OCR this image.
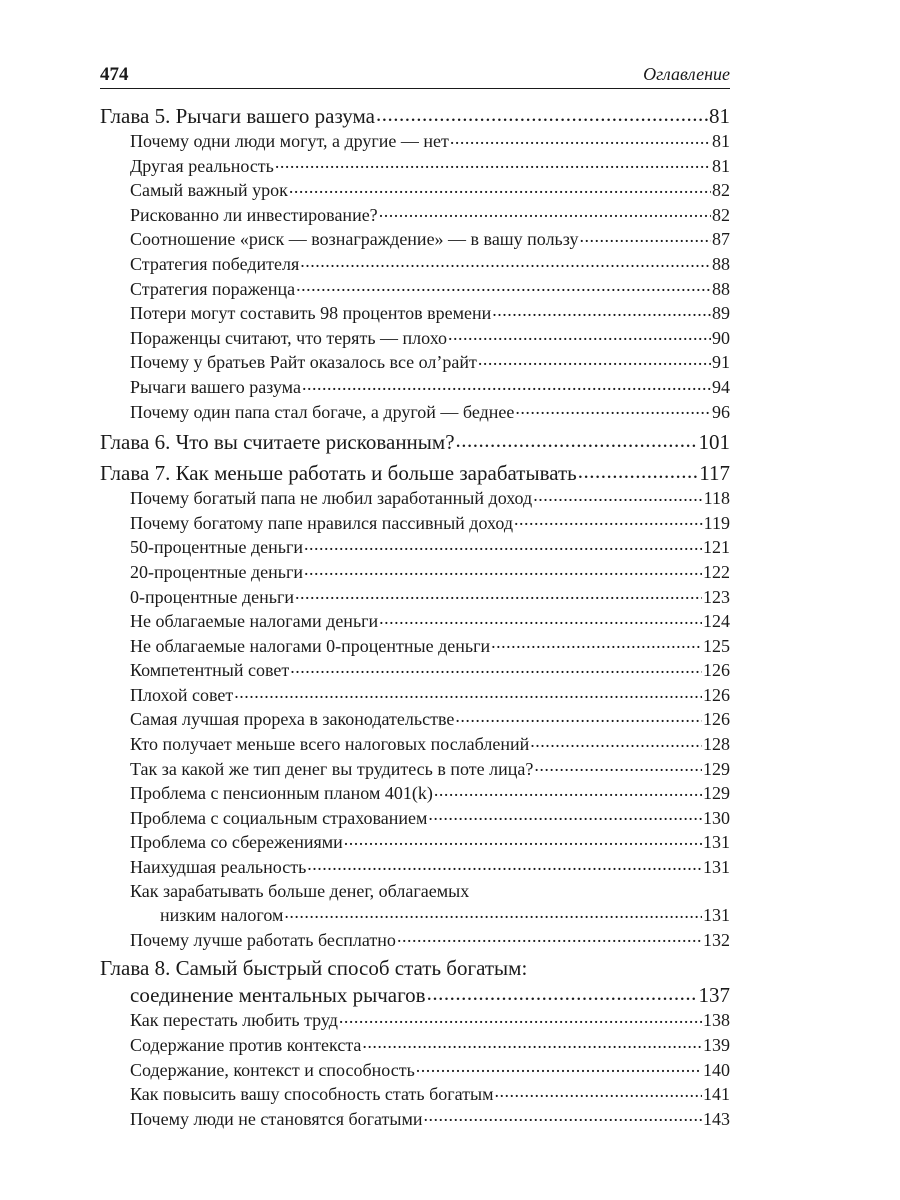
474	Оглавление
Глава 5. Рычаги вашего разума .....	81
Почему одни люди могут, а другие — нет .....	81
Другая реальность .....	81
Самый важный урок .....	82
Рискованно ли инвестирование? .....	82
Соотношение «риск — вознаграждение» — в вашу пользу .....	87
Стратегия победителя .....	88
Стратегия пораженца .....	88
Потери могут составить 98 процентов времени .....	89
Пораженцы считают, что терять — плохо .....	90
Почему у братьев Райт оказалось все ол’райт .....	91
Рычаги вашего разума .....	94
Почему один папа стал богаче, а другой — беднее .....	96
Глава 6. Что вы считаете рискованным? .....	101
Глава 7. Как меньше работать и больше зарабатывать .....	117
Почему богатый папа не любил заработанный доход .....	118
Почему богатому папе нравился пассивный доход .....	119
50-процентные деньги .....	121
20-процентные деньги .....	122
0-процентные деньги .....	123
Не облагаемые налогами деньги .....	124
Не облагаемые налогами 0-процентные деньги .....	125
Компетентный совет .....	126
Плохой совет .....	126
Самая лучшая прореха в законодательстве .....	126
Кто получает меньше всего налоговых послаблений .....	128
Так за какой же тип денег вы трудитесь в поте лица? .....	129
Проблема с пенсионным планом 401(k) .....	129
Проблема с социальным страхованием .....	130
Проблема со сбережениями .....	131
Наихудшая реальность .....	131
Как зарабатывать больше денег, облагаемых
низким налогом .....	131
Почему лучше работать бесплатно .....	132
Глава 8. Самый быстрый способ стать богатым:
соединение ментальных рычагов .....	137
Как перестать любить труд .....	138
Содержание против контекста .....	139
Содержание, контекст и способность .....	140
Как повысить вашу способность стать богатым .....	141
Почему люди не становятся богатыми .....	143
